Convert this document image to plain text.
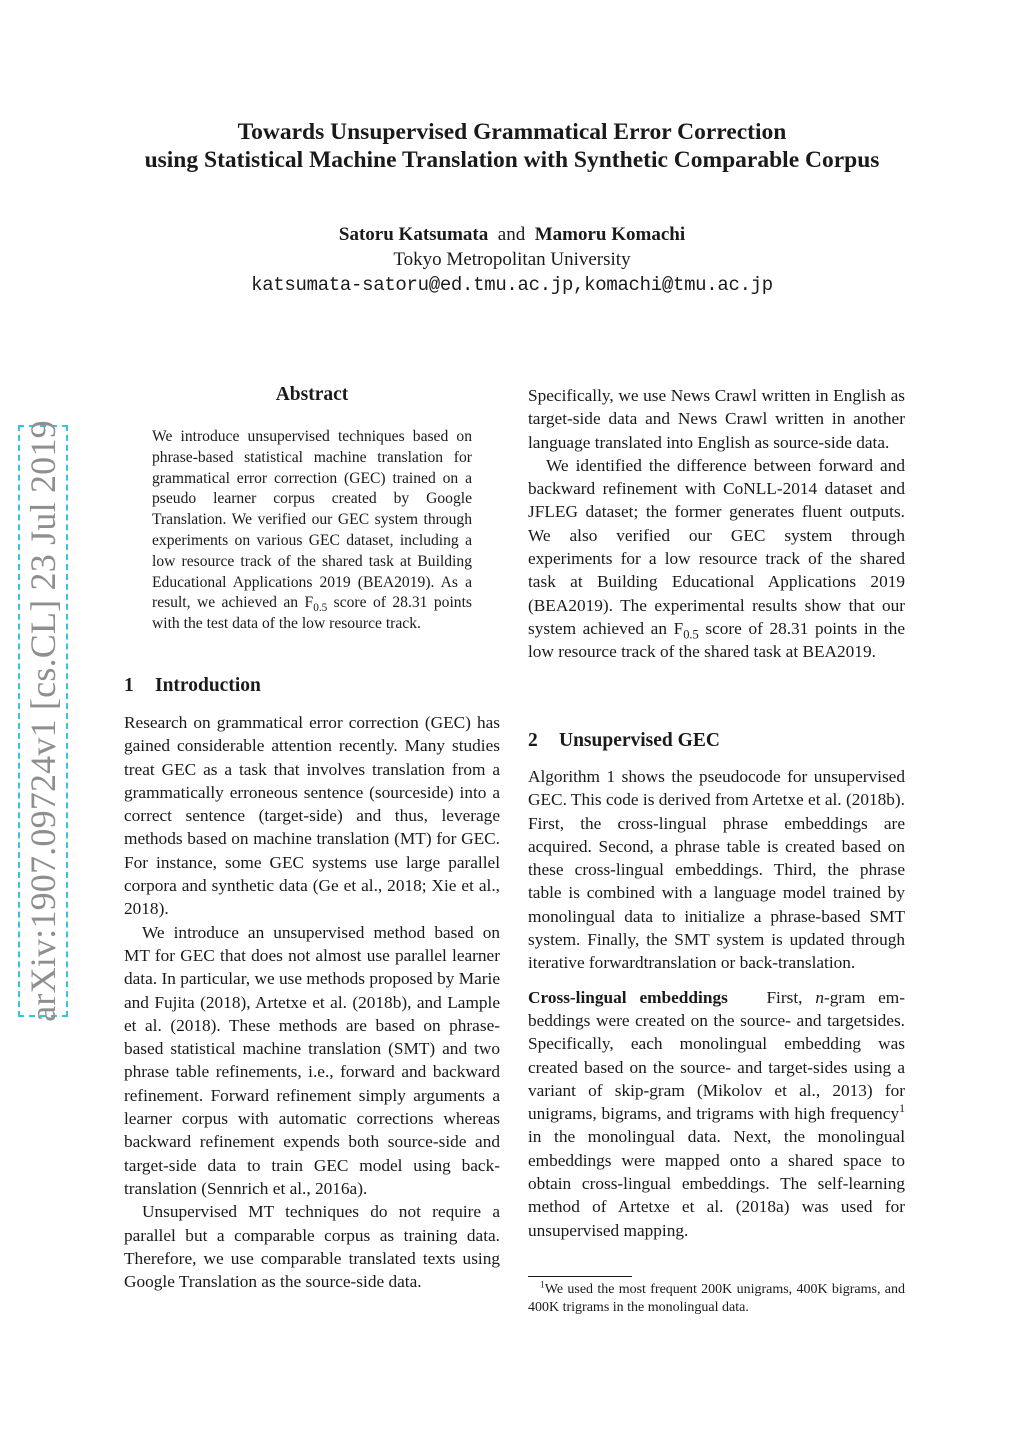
Towards Unsupervised Grammatical Error Correction
using Statistical Machine Translation with Synthetic Comparable Corpus
Satoru Katsumata and Mamoru Komachi
Tokyo Metropolitan University
katsumata-satoru@ed.tmu.ac.jp,komachi@tmu.ac.jp
arXiv:1907.09724v1 [cs.CL] 23 Jul 2019
Abstract

We introduce unsupervised techniques based on phrase-based statistical machine translation for grammatical error correction (GEC) trained on a pseudo learner corpus created by Google Translation. We verified our GEC system through experiments on various GEC dataset, including a low resource track of the shared task at Building Educational Applications 2019 (BEA2019). As a result, we achieved an $F_{0.5}$ score of 28.31 points with the test data of the low resource track.

1 Introduction

Research on grammatical error correction (GEC) has gained considerable attention recently. Many studies treat GEC as a task that involves translation from a grammatically erroneous sentence (sourceside) into a correct sentence (target-side) and thus, leverage methods based on machine translation (MT) for GEC. For instance, some GEC systems use large parallel corpora and synthetic data (Ge et al., 2018; Xie et al., 2018).

We introduce an unsupervised method based on MT for GEC that does not almost use parallel learner data. In particular, we use methods proposed by Marie and Fujita (2018), Artetxe et al. (2018b), and Lample et al. (2018). These methods are based on phrase-based statistical machine translation (SMT) and two phrase table refinements, i.e., forward and backward refinement. Forward refinement simply arguments a learner corpus with automatic corrections whereas backward refinement expends both source-side and target-side data to train GEC model using backtranslation (Sennrich et al., 2016a).

Unsupervised MT techniques do not require a parallel but a comparable corpus as training data. Therefore, we use comparable translated texts using Google Translation as the source-side data.

Specifically, we use News Crawl written in English as target-side data and News Crawl written in another language translated into English as source-side data.

We identified the difference between forward and backward refinement with CoNLL-2014 dataset and JFLEG dataset; the former generates fluent outputs. We also verified our GEC system through experiments for a low resource track of the shared task at Building Educational Applications 2019 (BEA2019). The experimental results show that our system achieved an $F_{0.5}$ score of 28.31 points in the low resource track of the shared task at BEA2019.

2 Unsupervised GEC

Algorithm 1 shows the pseudocode for unsupervised GEC. This code is derived from Artetxe et al. (2018b). First, the cross-lingual phrase embeddings are acquired. Second, a phrase table is created based on these cross-lingual embeddings. Third, the phrase table is combined with a language model trained by monolingual data to initialize a phrase-based SMT system. Finally, the SMT system is updated through iterative forwardtranslation or back-translation.

Cross-lingual embeddings First, n-gram embeddings were created on the source- and targetsides. Specifically, each monolingual embedding was created based on the source- and target-sides using a variant of skip-gram (Mikolov et al., 2013) for unigrams, bigrams, and trigrams with high frequency$^1$ in the monolingual data. Next, the monolingual embeddings were mapped onto a shared space to obtain cross-lingual embeddings. The self-learning method of Artetxe et al. (2018a) was used for unsupervised mapping.

$^1$We used the most frequent 200K unigrams, 400K bigrams, and 400K trigrams in the monolingual data.
